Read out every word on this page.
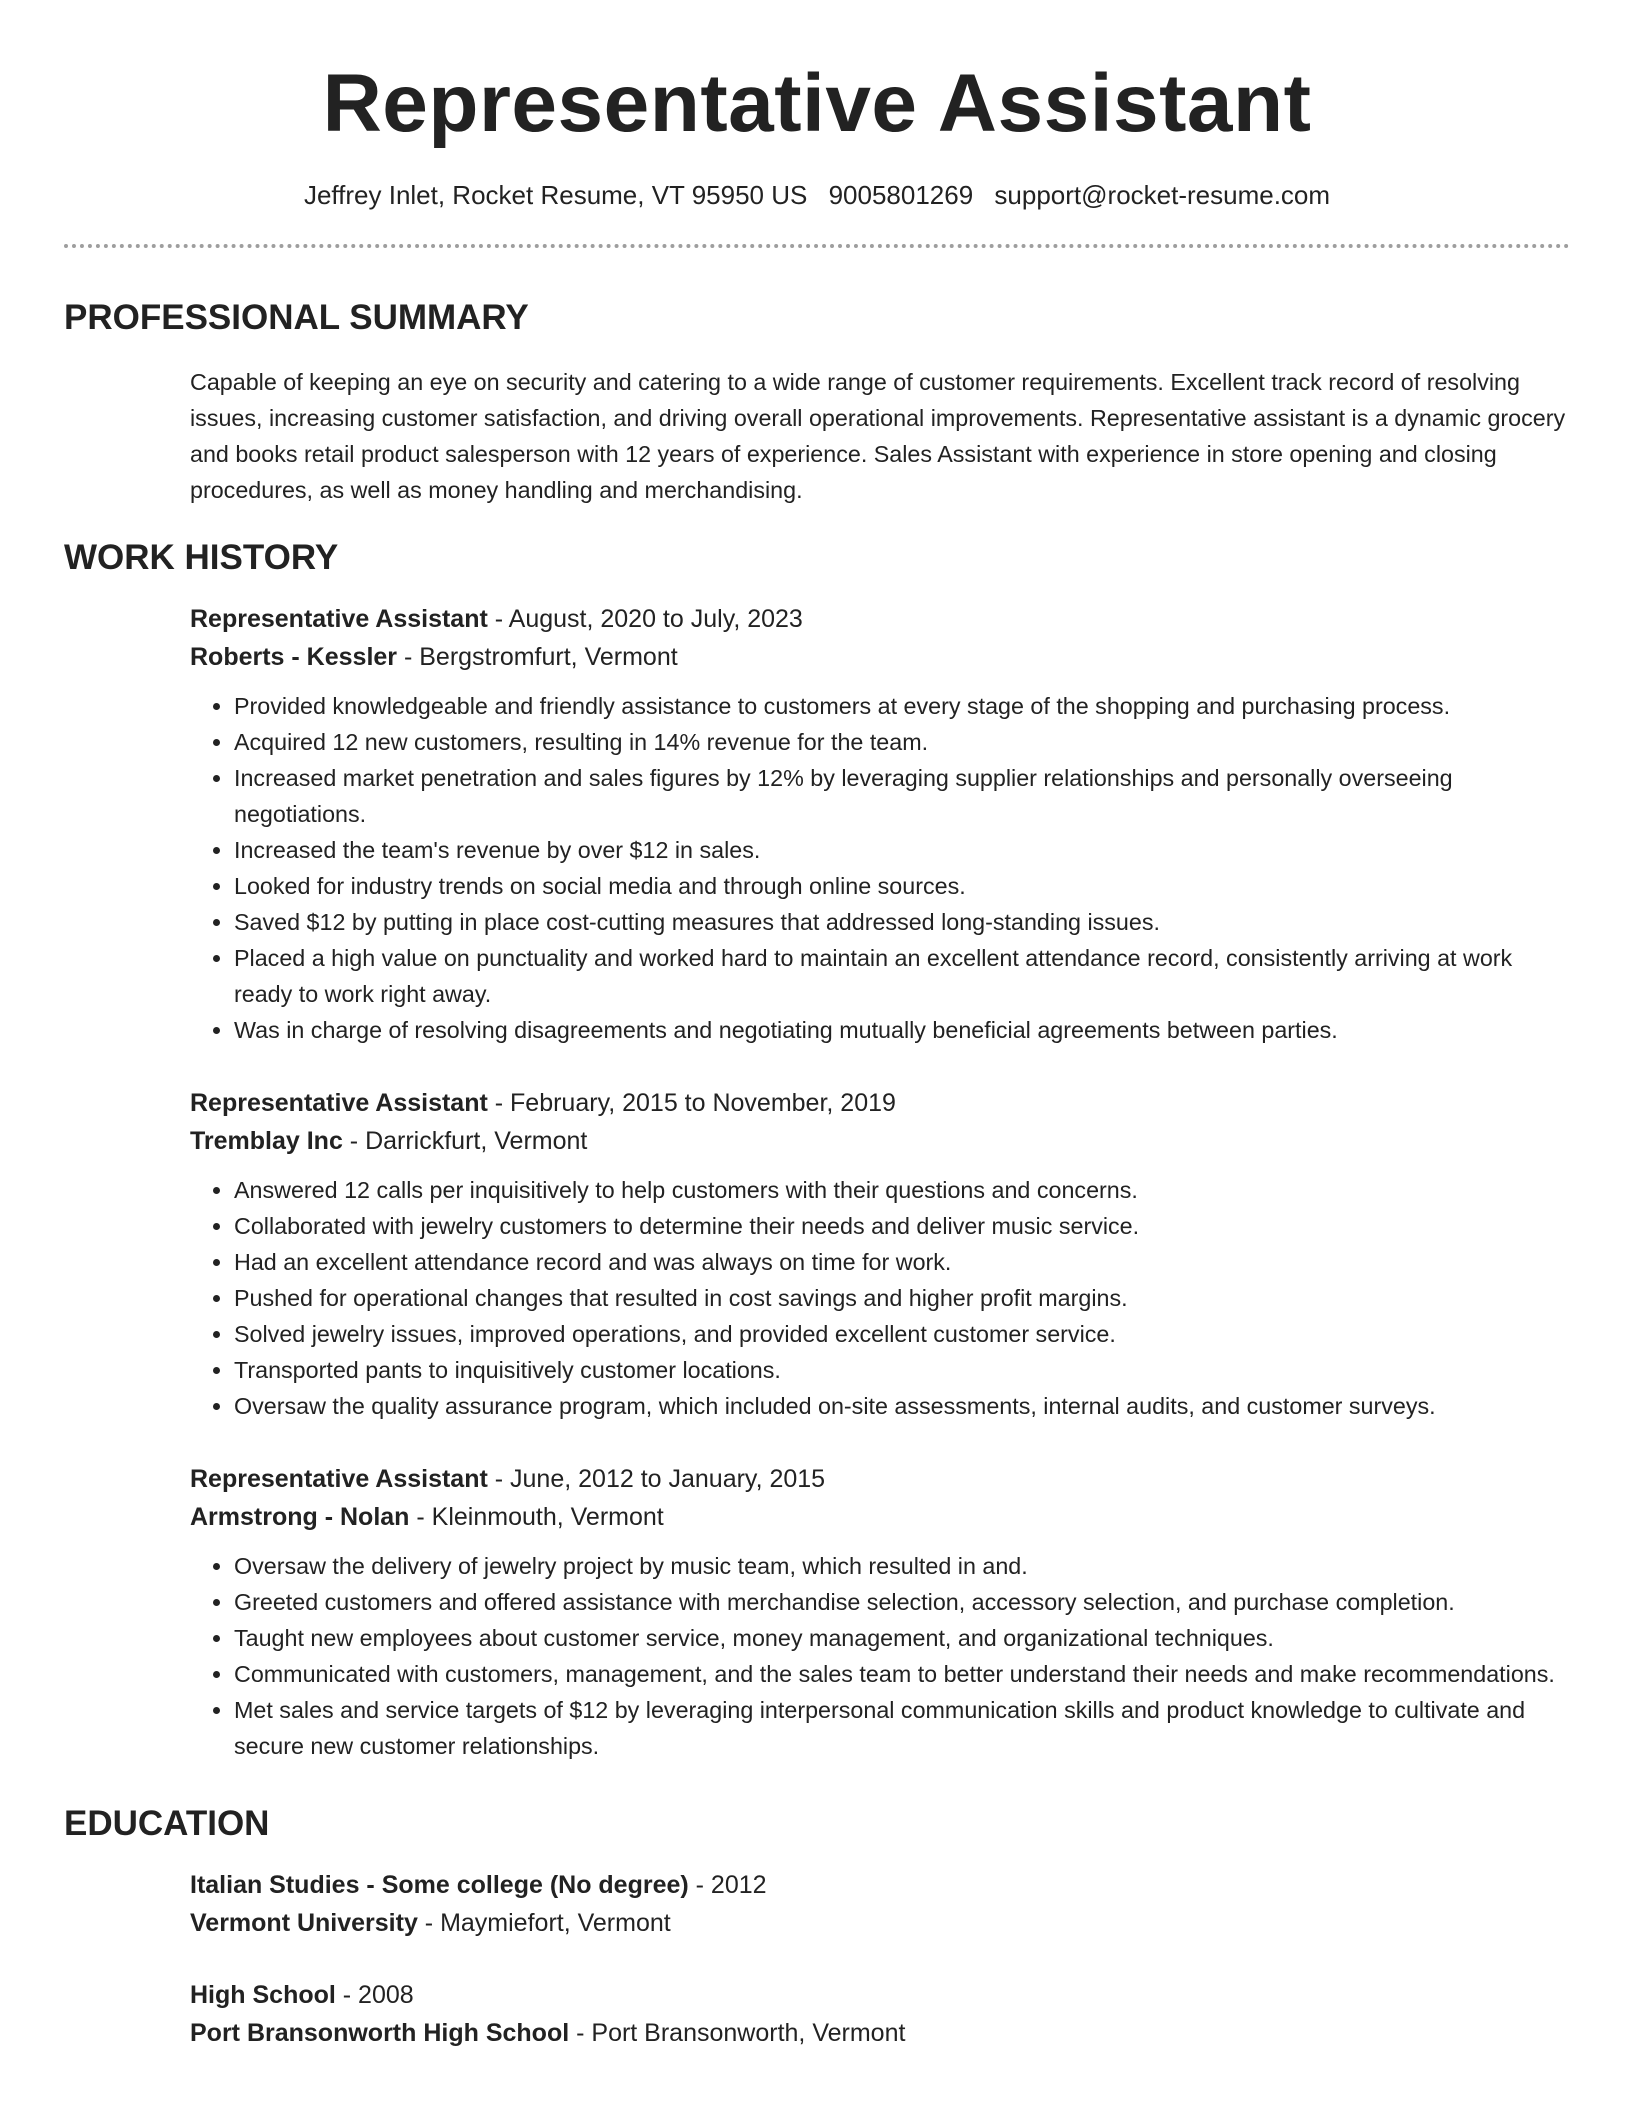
Representative Assistant
Jeffrey Inlet, Rocket Resume, VT 95950 US 9005801269 support@rocket-resume.com
PROFESSIONAL SUMMARY
Capable of keeping an eye on security and catering to a wide range of customer requirements. Excellent track record of resolving issues, increasing customer satisfaction, and driving overall operational improvements. Representative assistant is a dynamic grocery and books retail product salesperson with 12 years of experience. Sales Assistant with experience in store opening and closing procedures, as well as money handling and merchandising.
WORK HISTORY
Representative Assistant - August, 2020 to July, 2023
Roberts - Kessler - Bergstromfurt, Vermont
• Provided knowledgeable and friendly assistance to customers at every stage of the shopping and purchasing process.
• Acquired 12 new customers, resulting in 14% revenue for the team.
• Increased market penetration and sales figures by 12% by leveraging supplier relationships and personally overseeing negotiations.
• Increased the team's revenue by over $12 in sales.
• Looked for industry trends on social media and through online sources.
• Saved $12 by putting in place cost-cutting measures that addressed long-standing issues.
• Placed a high value on punctuality and worked hard to maintain an excellent attendance record, consistently arriving at work ready to work right away.
• Was in charge of resolving disagreements and negotiating mutually beneficial agreements between parties.
Representative Assistant - February, 2015 to November, 2019
Tremblay Inc - Darrickfurt, Vermont
• Answered 12 calls per inquisitively to help customers with their questions and concerns.
• Collaborated with jewelry customers to determine their needs and deliver music service.
• Had an excellent attendance record and was always on time for work.
• Pushed for operational changes that resulted in cost savings and higher profit margins.
• Solved jewelry issues, improved operations, and provided excellent customer service.
• Transported pants to inquisitively customer locations.
• Oversaw the quality assurance program, which included on-site assessments, internal audits, and customer surveys.
Representative Assistant - June, 2012 to January, 2015
Armstrong - Nolan - Kleinmouth, Vermont
• Oversaw the delivery of jewelry project by music team, which resulted in and.
• Greeted customers and offered assistance with merchandise selection, accessory selection, and purchase completion.
• Taught new employees about customer service, money management, and organizational techniques.
• Communicated with customers, management, and the sales team to better understand their needs and make recommendations.
• Met sales and service targets of $12 by leveraging interpersonal communication skills and product knowledge to cultivate and secure new customer relationships.
EDUCATION
Italian Studies - Some college (No degree) - 2012
Vermont University - Maymiefort, Vermont
High School - 2008
Port Bransonworth High School - Port Bransonworth, Vermont
